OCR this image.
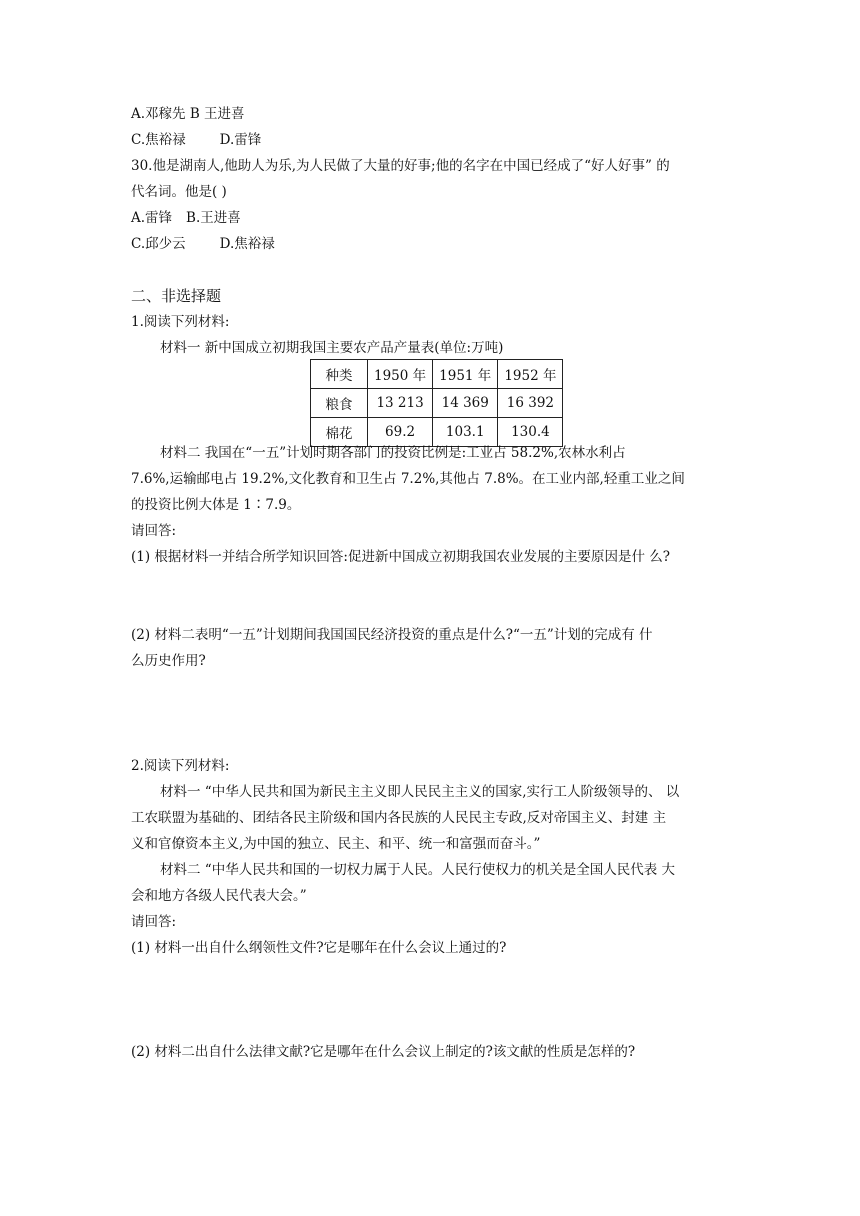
A.邓稼先 B 王进喜
C.焦裕禄	D.雷锋
30.他是湖南人,他助人为乐,为人民做了大量的好事;他的名字在中国已经成了“好人好事” 的
代名词。他是( )
A.雷锋 B.王进喜
C.邱少云	D.焦裕禄
二、非选择题
1.阅读下列材料:
材料一 新中国成立初期我国主要农产品产量表(单位:万吨)
种类	1950 年	1951 年	1952 年
粮食	13 213	14 369	16 392
棉花	69.2	103.1	130.4
材料二 我国在“一五”计划时期各部门的投资比例是:工业占 58.2%,农林水利占
7.6%,运输邮电占 19.2%,文化教育和卫生占 7.2%,其他占 7.8%。在工业内部,轻重工业之间
的投资比例大体是 1∶7.9。
请回答:
(1) 根据材料一并结合所学知识回答:促进新中国成立初期我国农业发展的主要原因是什 么?
(2) 材料二表明“一五”计划期间我国国民经济投资的重点是什么?“一五”计划的完成有 什
么历史作用?
2.阅读下列材料:
材料一 “中华人民共和国为新民主主义即人民民主主义的国家,实行工人阶级领导的、 以
工农联盟为基础的、团结各民主阶级和国内各民族的人民民主专政,反对帝国主义、封建 主
义和官僚资本主义,为中国的独立、民主、和平、统一和富强而奋斗。”
材料二 “中华人民共和国的一切权力属于人民。人民行使权力的机关是全国人民代表 大
会和地方各级人民代表大会。”
请回答:
(1) 材料一出自什么纲领性文件?它是哪年在什么会议上通过的?
(2) 材料二出自什么法律文献?它是哪年在什么会议上制定的?该文献的性质是怎样的?
